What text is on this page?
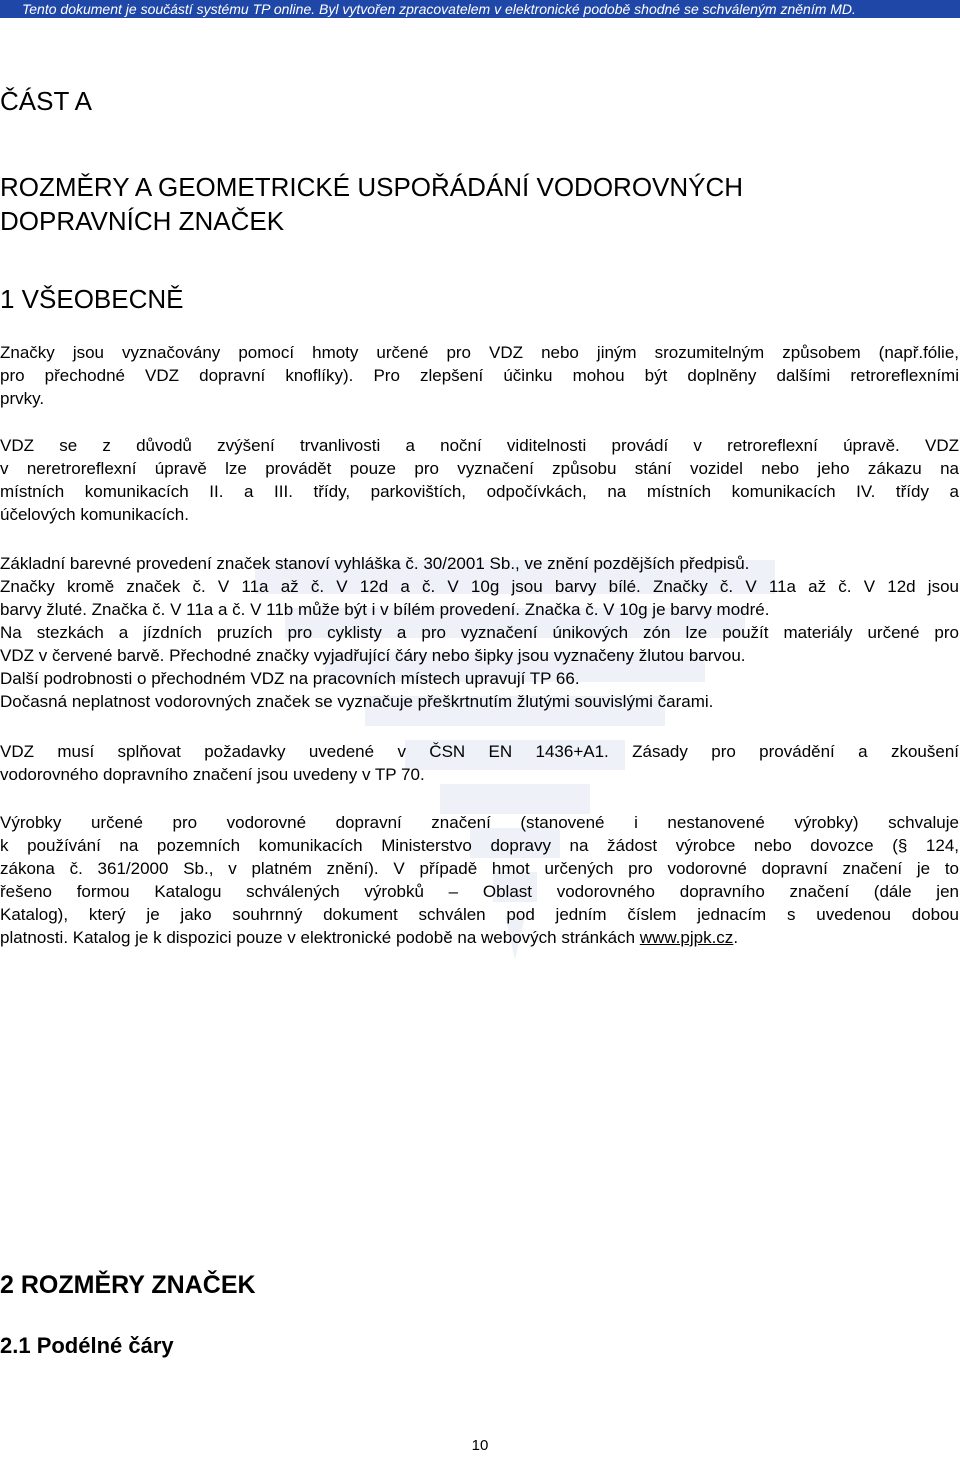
Tento dokument je součástí systému TP online. Byl vytvořen zpracovatelem v elektronické podobě shodné se schváleným zněním MD.
ČÁST A
ROZMĚRY A GEOMETRICKÉ USPOŘÁDÁNÍ VODOROVNÝCH DOPRAVNÍCH ZNAČEK
1 VŠEOBECNĚ
Značky jsou vyznačovány pomocí hmoty určené pro VDZ nebo jiným srozumitelným způsobem (např.fólie,
pro přechodné VDZ dopravní knoflíky). Pro zlepšení účinku mohou být doplněny dalšími retroreflexními
prvky.
VDZ se z důvodů zvýšení trvanlivosti a noční viditelnosti provádí v retroreflexní úpravě. VDZ
v neretroreflexní úpravě lze provádět pouze pro vyznačení způsobu stání vozidel nebo jeho zákazu na
místních komunikacích II. a III. třídy, parkovištích, odpočívkách, na místních komunikacích IV. třídy a
účelových komunikacích.
Základní barevné provedení značek stanoví vyhláška č. 30/2001 Sb., ve znění pozdějších předpisů.
Značky kromě značek č. V 11a až č. V 12d a č. V 10g jsou barvy bílé. Značky č. V 11a až č. V 12d jsou
barvy žluté. Značka č. V 11a a č. V 11b může být i v bílém provedení. Značka č. V 10g je barvy modré.
Na stezkách a jízdních pruzích pro cyklisty a pro vyznačení únikových zón lze použít materiály určené pro
VDZ v červené barvě. Přechodné značky vyjadřující čáry nebo šipky jsou vyznačeny žlutou barvou.
Další podrobnosti o přechodném VDZ na pracovních místech upravují TP 66.
Dočasná neplatnost vodorovných značek se vyznačuje přeškrtnutím žlutými souvislými čarami.
VDZ musí splňovat požadavky uvedené v ČSN EN 1436+A1. Zásady pro provádění a zkoušení
vodorovného dopravního značení jsou uvedeny v TP 70.
Výrobky určené pro vodorovné dopravní značení (stanovené i nestanovené výrobky) schvaluje
k používání na pozemních komunikacích Ministerstvo dopravy na žádost výrobce nebo dovozce (§ 124,
zákona č. 361/2000 Sb., v platném znění). V případě hmot určených pro vodorovné dopravní značení je to
řešeno formou Katalogu schválených výrobků – Oblast vodorovného dopravního značení (dále jen
Katalog), který je jako souhrnný dokument schválen pod jedním číslem jednacím s uvedenou dobou
platnosti. Katalog je k dispozici pouze v elektronické podobě na webových stránkách www.pjpk.cz.
2 ROZMĚRY ZNAČEK
2.1 Podélné čáry
10
